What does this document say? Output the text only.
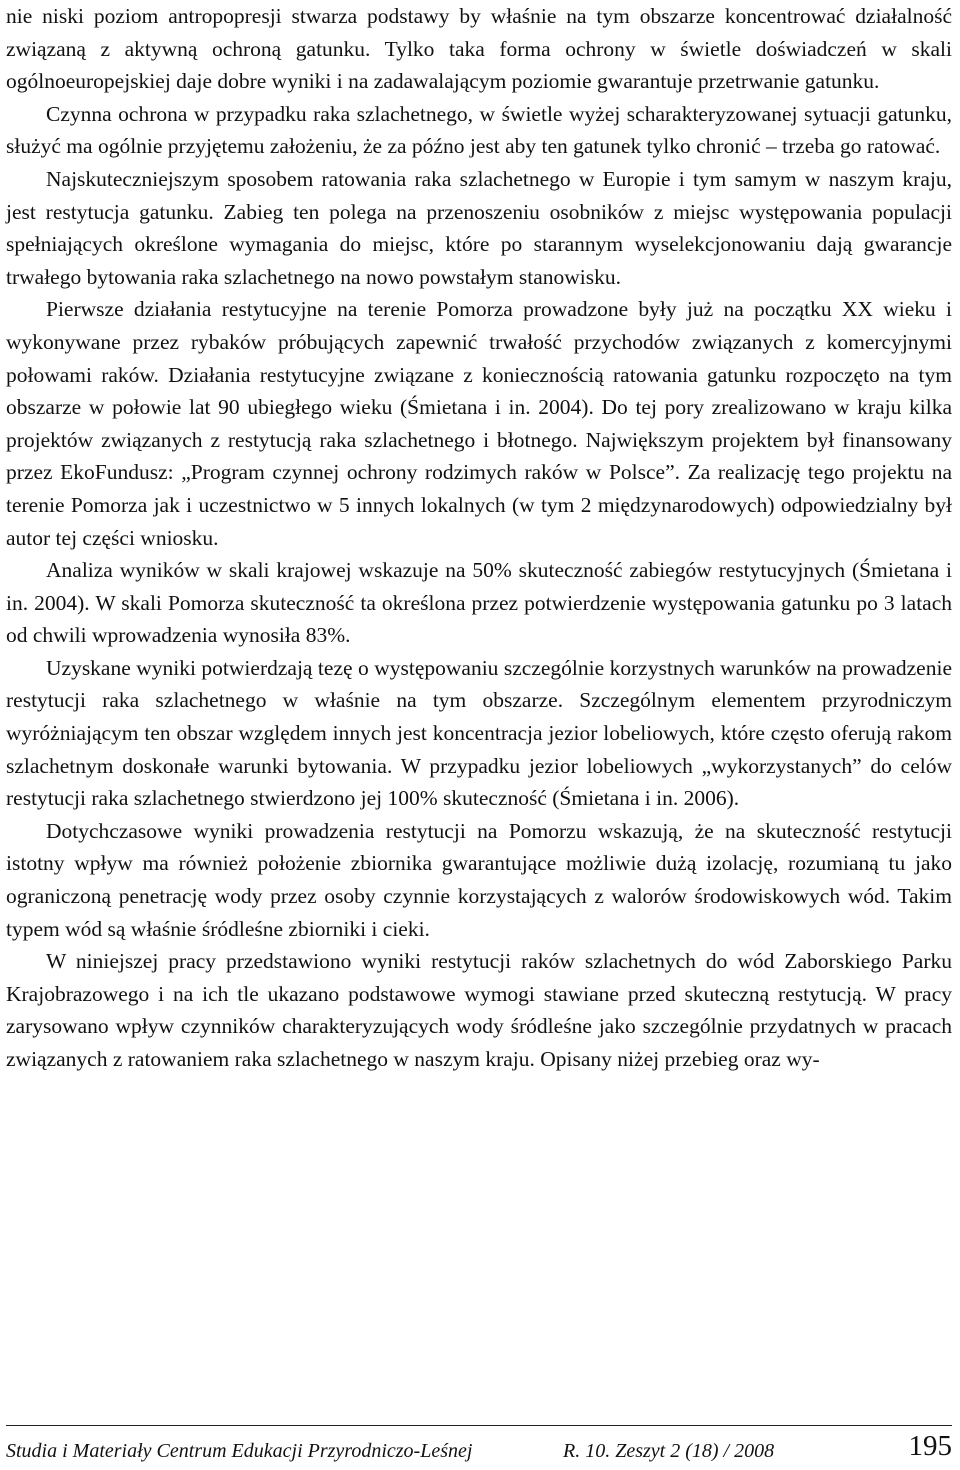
nie niski poziom antropopresji stwarza podstawy by właśnie na tym obszarze koncentrować działalność związaną z aktywną ochroną gatunku. Tylko taka forma ochrony w świetle doświadczeń w skali ogólnoeuropejskiej daje dobre wyniki i na zadawalającym poziomie gwarantuje przetrwanie gatunku.

Czynna ochrona w przypadku raka szlachetnego, w świetle wyżej scharakteryzowanej sytuacji gatunku, służyć ma ogólnie przyjętemu założeniu, że za późno jest aby ten gatunek tylko chronić – trzeba go ratować.

Najskuteczniejszym sposobem ratowania raka szlachetnego w Europie i tym samym w naszym kraju, jest restytucja gatunku. Zabieg ten polega na przenoszeniu osobników z miejsc występowania populacji spełniających określone wymagania do miejsc, które po starannym wyselekcjonowaniu dają gwarancje trwałego bytowania raka szlachetnego na nowo powstałym stanowisku.

Pierwsze działania restytucyjne na terenie Pomorza prowadzone były już na początku XX wieku i wykonywane przez rybaków próbujących zapewnić trwałość przychodów związanych z komercyjnymi połowami raków. Działania restytucyjne związane z koniecznością ratowania gatunku rozpoczęto na tym obszarze w połowie lat 90 ubiegłego wieku (Śmietana i in. 2004). Do tej pory zrealizowano w kraju kilka projektów związanych z restytucją raka szlachetnego i błotnego. Największym projektem był finansowany przez EkoFundusz: „Program czynnej ochrony rodzimych raków w Polsce”. Za realizację tego projektu na terenie Pomorza jak i uczestnictwo w 5 innych lokalnych (w tym 2 międzynarodowych) odpowiedzialny był autor tej części wniosku.

Analiza wyników w skali krajowej wskazuje na 50% skuteczność zabiegów restytucyjnych (Śmietana i in. 2004). W skali Pomorza skuteczność ta określona przez potwierdzenie występowania gatunku po 3 latach od chwili wprowadzenia wynosiła 83%.

Uzyskane wyniki potwierdzają tezę o występowaniu szczególnie korzystnych warunków na prowadzenie restytucji raka szlachetnego w właśnie na tym obszarze. Szczególnym elementem przyrodniczym wyróżniającym ten obszar względem innych jest koncentracja jezior lobeliowych, które często oferują rakom szlachetnym doskonałe warunki bytowania. W przypadku jezior lobeliowych „wykorzystanych” do celów restytucji raka szlachetnego stwierdzono jej 100% skuteczność (Śmietana i in. 2006).

Dotychczasowe wyniki prowadzenia restytucji na Pomorzu wskazują, że na skuteczność restytucji istotny wpływ ma również położenie zbiornika gwarantujące możliwie dużą izolację, rozumianą tu jako ograniczoną penetrację wody przez osoby czynnie korzystających z walorów środowiskowych wód. Takim typem wód są właśnie śródleśne zbiorniki i cieki.

W niniejszej pracy przedstawiono wyniki restytucji raków szlachetnych do wód Zaborskiego Parku Krajobrazowego i na ich tle ukazano podstawowe wymogi stawiane przed skuteczną restytucją. W pracy zarysowano wpływ czynników charakteryzujących wody śródleśne jako szczególnie przydatnych w pracach związanych z ratowaniem raka szlachetnego w naszym kraju. Opisany niżej przebieg oraz wy-

Studia i Materiały Centrum Edukacji Przyrodniczo-Leśnej	R. 10. Zeszyt 2 (18) / 2008	195
